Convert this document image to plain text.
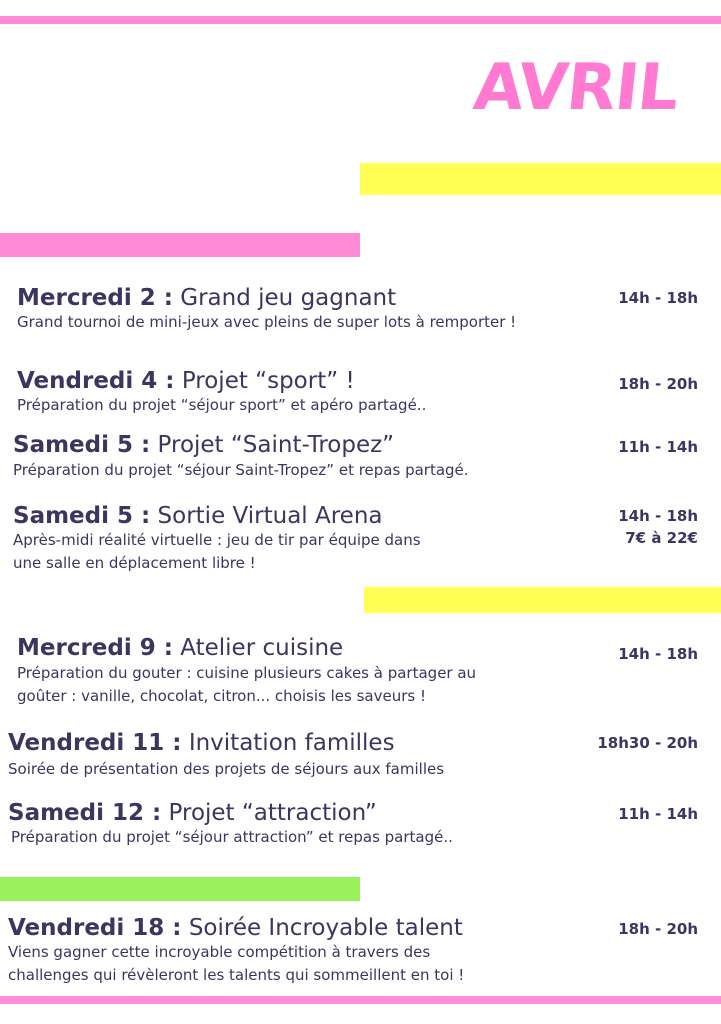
AVRIL
Mercredi 2 : Grand jeu gagnant	14h - 18h
Grand tournoi de mini-jeux avec pleins de super lots à remporter !
Vendredi 4 : Projet “sport” !	18h - 20h
Préparation du projet “séjour sport” et apéro partagé..
Samedi 5 : Projet “Saint-Tropez”	11h - 14h
Préparation du projet “séjour Saint-Tropez” et repas partagé.
Samedi 5 : Sortie Virtual Arena	14h - 18h
7€ à 22€
Après-midi réalité virtuelle : jeu de tir par équipe dans
une salle en déplacement libre !
Mercredi 9 : Atelier cuisine	14h - 18h
Préparation du gouter : cuisine plusieurs cakes à partager au
goûter : vanille, chocolat, citron... choisis les saveurs !
Vendredi 11 : Invitation familles	18h30 - 20h
Soirée de présentation des projets de séjours aux familles
Samedi 12 : Projet “attraction”	11h - 14h
Préparation du projet “séjour attraction” et repas partagé..
Vendredi 18 : Soirée Incroyable talent	18h - 20h
Viens gagner cette incroyable compétition à travers des
challenges qui révèleront les talents qui sommeillent en toi !
